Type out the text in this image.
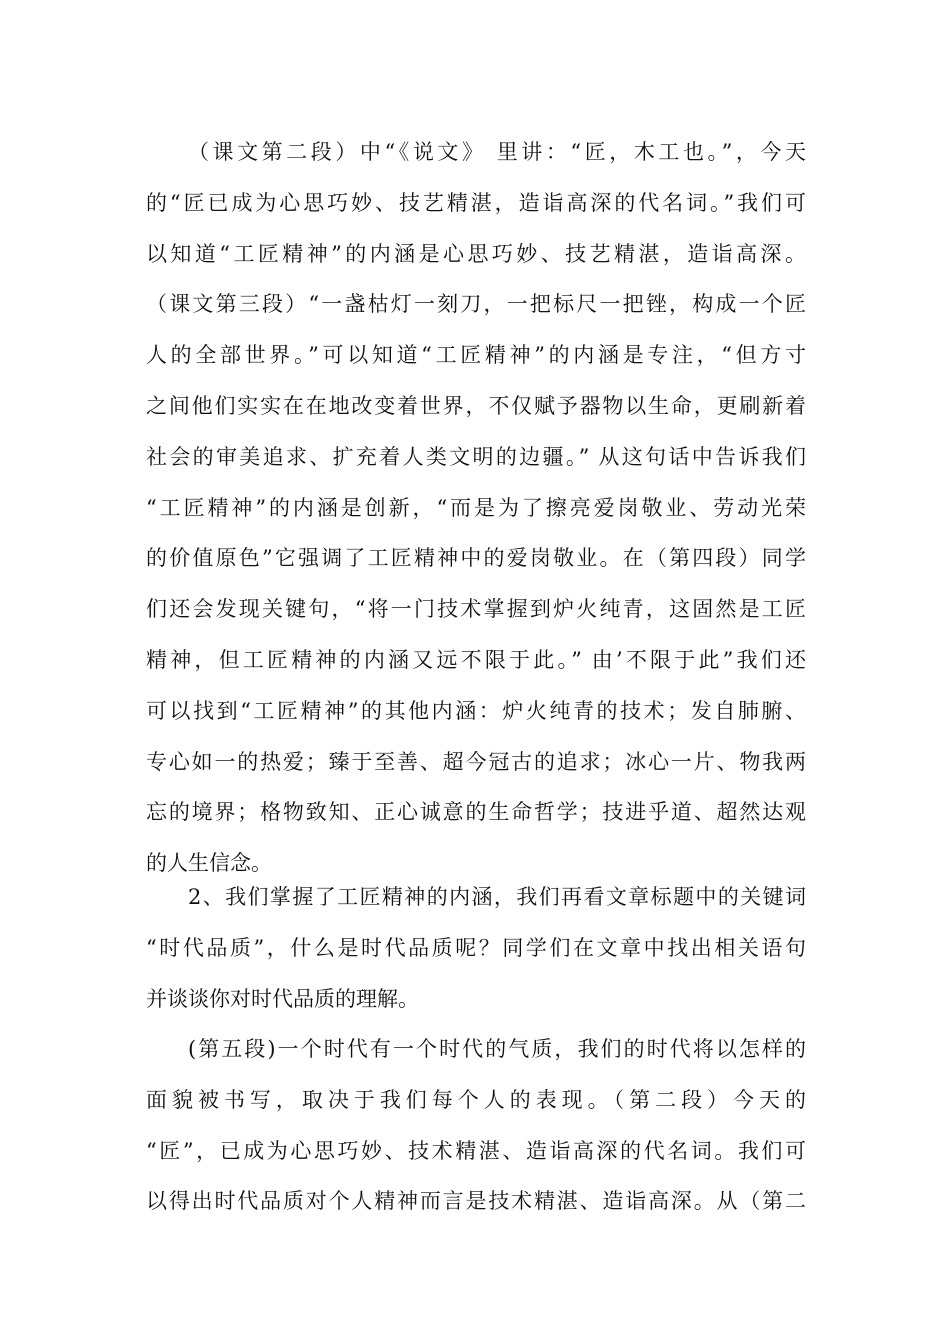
（课文第二段）中“《说文》 里讲：“匠，木工也。”，今天
的“匠已成为心思巧妙、技艺精湛，造诣高深的代名词。”我们可
以知道“工匠精神”的内涵是心思巧妙、技艺精湛，造诣高深。
（课文第三段）“一盏枯灯一刻刀，一把标尺一把锉，构成一个匠
人的全部世界。”可以知道“工匠精神”的内涵是专注，“但方寸
之间他们实实在在地改变着世界，不仅赋予器物以生命，更刷新着
社会的审美追求、扩充着人类文明的边疆。” 从这句话中告诉我们
“工匠精神”的内涵是创新，“而是为了擦亮爱岗敬业、劳动光荣
的价值原色”它强调了工匠精神中的爱岗敬业。在（第四段）同学
们还会发现关键句，“将一门技术掌握到炉火纯青，这固然是工匠
精神，但工匠精神的内涵又远不限于此。” 由’不限于此”我们还
可以找到“工匠精神”的其他内涵：炉火纯青的技术；发自肺腑、
专心如一的热爱；臻于至善、超今冠古的追求；冰心一片、物我两
忘的境界；格物致知、正心诚意的生命哲学；技进乎道、超然达观
的人生信念。

2、我们掌握了工匠精神的内涵，我们再看文章标题中的关键词
“时代品质”，什么是时代品质呢？同学们在文章中找出相关语句
并谈谈你对时代品质的理解。

(第五段)一个时代有一个时代的气质，我们的时代将以怎样的
面貌被书写，取决于我们每个人的表现。（第二段）今天的
“匠”，已成为心思巧妙、技术精湛、造诣高深的代名词。我们可
以得出时代品质对个人精神而言是技术精湛、造诣高深。从（第二
